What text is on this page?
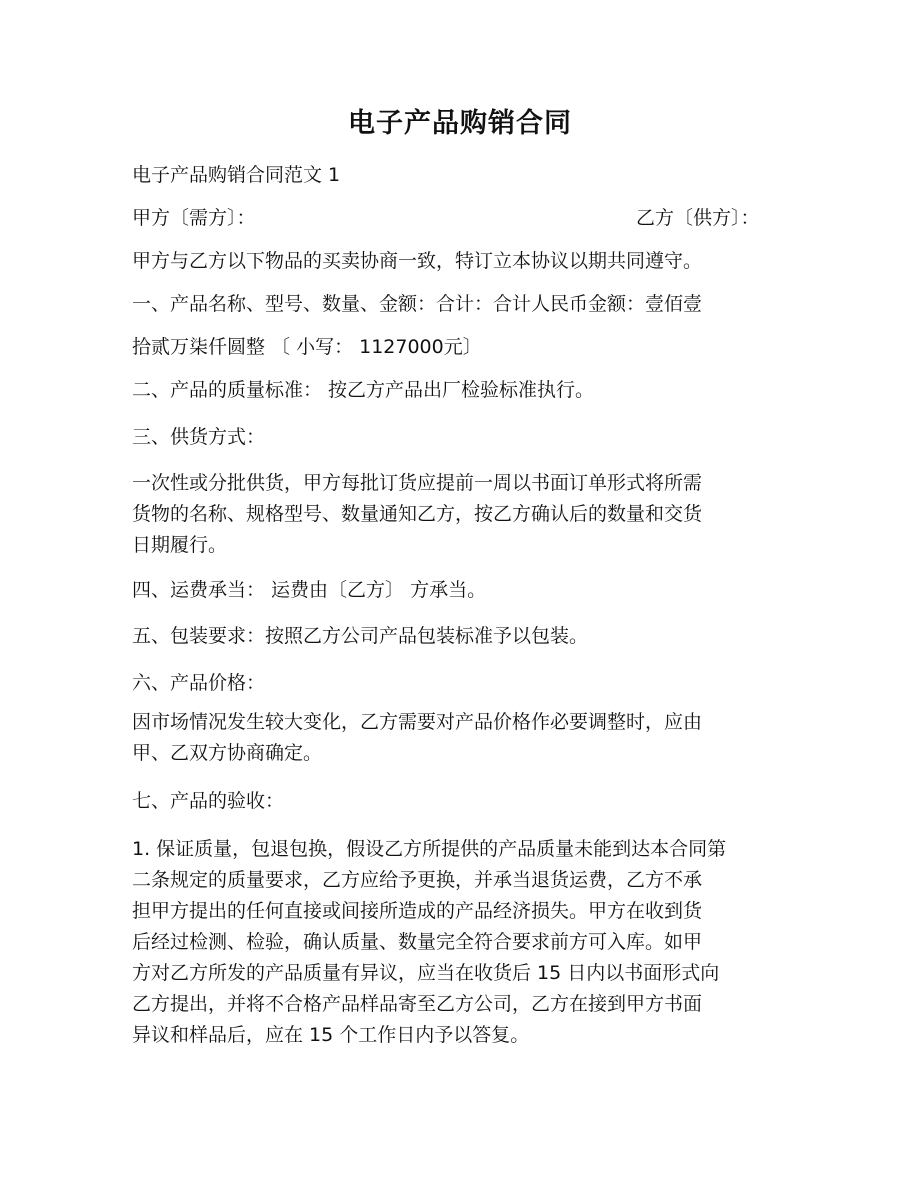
电子产品购销合同
电子产品购销合同范文 1
甲方〔需方〕：	乙方〔供方〕：
甲方与乙方以下物品的买卖协商一致，特订立本协议以期共同遵守。
一、产品名称、型号、数量、金额：合计：合计人民币金额：壹佰壹
拾贰万柒仟圆整 〔 小写： 1127000元〕
二、产品的质量标准： 按乙方产品出厂检验标准执行。
三、供货方式：
一次性或分批供货，甲方每批订货应提前一周以书面订单形式将所需
货物的名称、规格型号、数量通知乙方，按乙方确认后的数量和交货
日期履行。
四、运费承当： 运费由〔乙方〕 方承当。
五、包装要求：按照乙方公司产品包装标准予以包装。
六、产品价格：
因市场情况发生较大变化，乙方需要对产品价格作必要调整时，应由
甲、乙双方协商确定。
七、产品的验收：
1. 保证质量，包退包换，假设乙方所提供的产品质量未能到达本合同第
二条规定的质量要求，乙方应给予更换，并承当退货运费，乙方不承
担甲方提出的任何直接或间接所造成的产品经济损失。甲方在收到货
后经过检测、检验，确认质量、数量完全符合要求前方可入库。如甲
方对乙方所发的产品质量有异议，应当在收货后 15 日内以书面形式向
乙方提出，并将不合格产品样品寄至乙方公司，乙方在接到甲方书面
异议和样品后，应在 15 个工作日内予以答复。
